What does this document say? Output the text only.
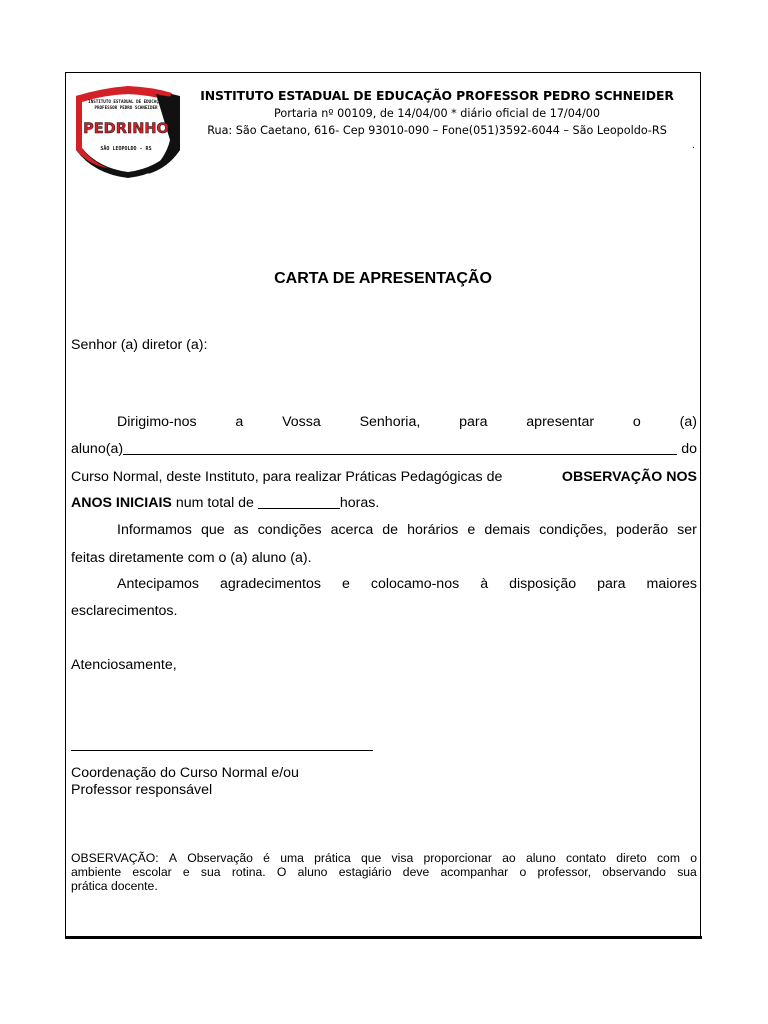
INSTITUTO ESTADUAL DE EDUCAÇÃO
PROFESSOR PEDRO SCHNEIDER
PEDRINHO
SÃO LEOPOLDO - RS
INSTITUTO ESTADUAL DE EDUCAÇÃO PROFESSOR PEDRO SCHNEIDER
Portaria nº 00109, de 14/04/00 * diário oficial de 17/04/00
Rua: São Caetano, 616- Cep 93010-090 – Fone(051)3592-6044 – São Leopoldo-RS
.
CARTA DE APRESENTAÇÃO
Senhor (a) diretor (a):
Dirigimo-nos	a	Vossa	Senhoria,	para	apresentar	o	(a)
aluno(a)	do
Curso Normal, deste Instituto, para realizar Práticas Pedagógicas de	OBSERVAÇÃO NOS
ANOS INICIAIS
num total de
	horas.
Informamos que as condições acerca de horários e demais condições, poderão ser
feitas diretamente com o (a) aluno (a).
Antecipamos agradecimentos e colocamo-nos à disposição para maiores
esclarecimentos.
Atenciosamente,
Coordenação do Curso Normal e/ou
Professor responsável
OBSERVAÇÃO: A Observação é uma prática que visa proporcionar ao aluno contato direto com o
ambiente escolar e sua rotina. O aluno estagiário deve acompanhar o professor, observando sua
prática docente.
